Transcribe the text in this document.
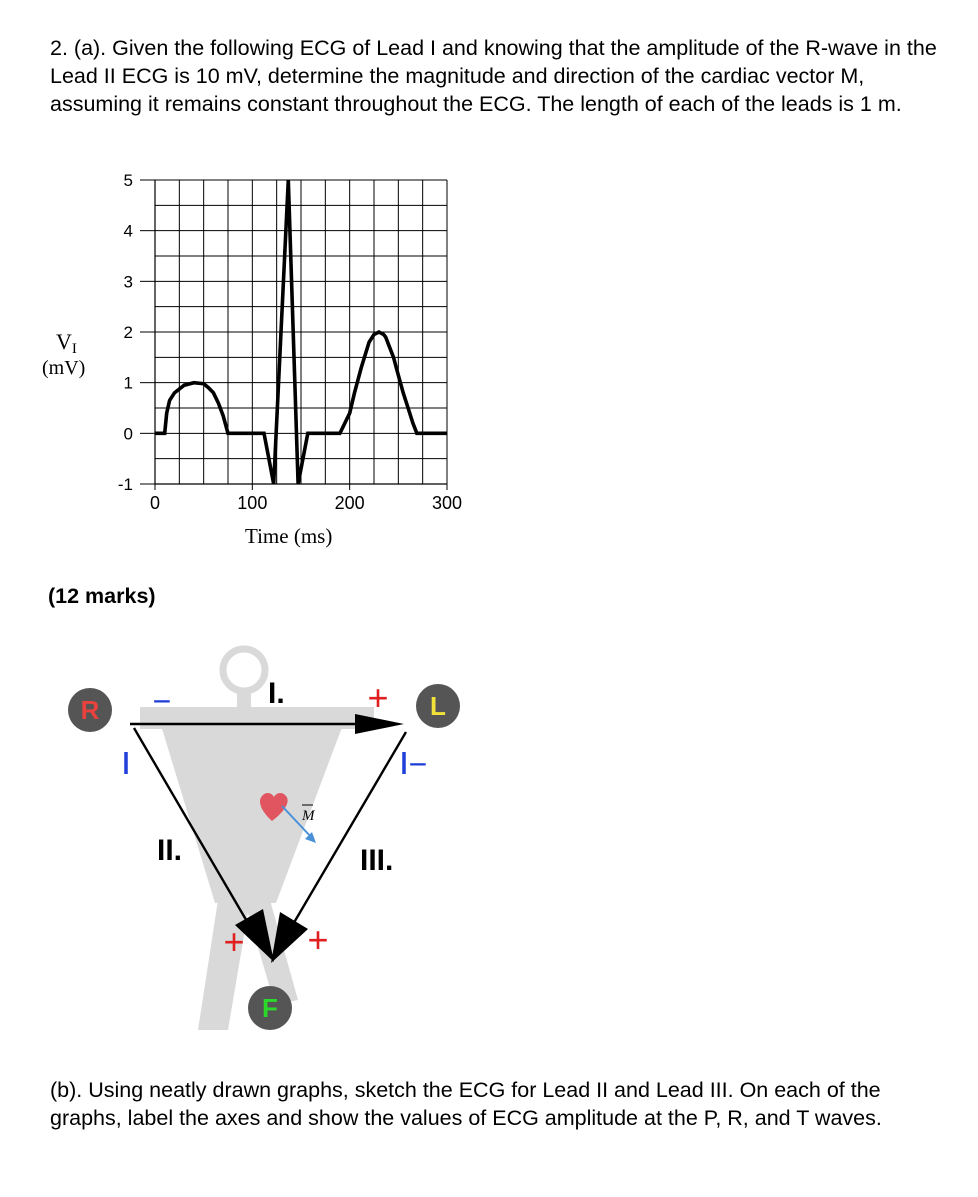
2. (a). Given the following ECG of Lead I and knowing that the amplitude of the R-wave in the Lead II ECG is 10 mV, determine the magnitude and direction of the cardiac vector M, assuming it remains constant throughout the ECG. The length of each of the leads is 1 m.
5
4
3
2
1
0
-1
0	100	200	300
VI
(mV)
Time (ms)
R	L
F
I.
II.	III.
+
−
+ +
−
M
(12 marks)
(b). Using neatly drawn graphs, sketch the ECG for Lead II and Lead III. On each of the graphs, label the axes and show the values of ECG amplitude at the P, R, and T waves.
